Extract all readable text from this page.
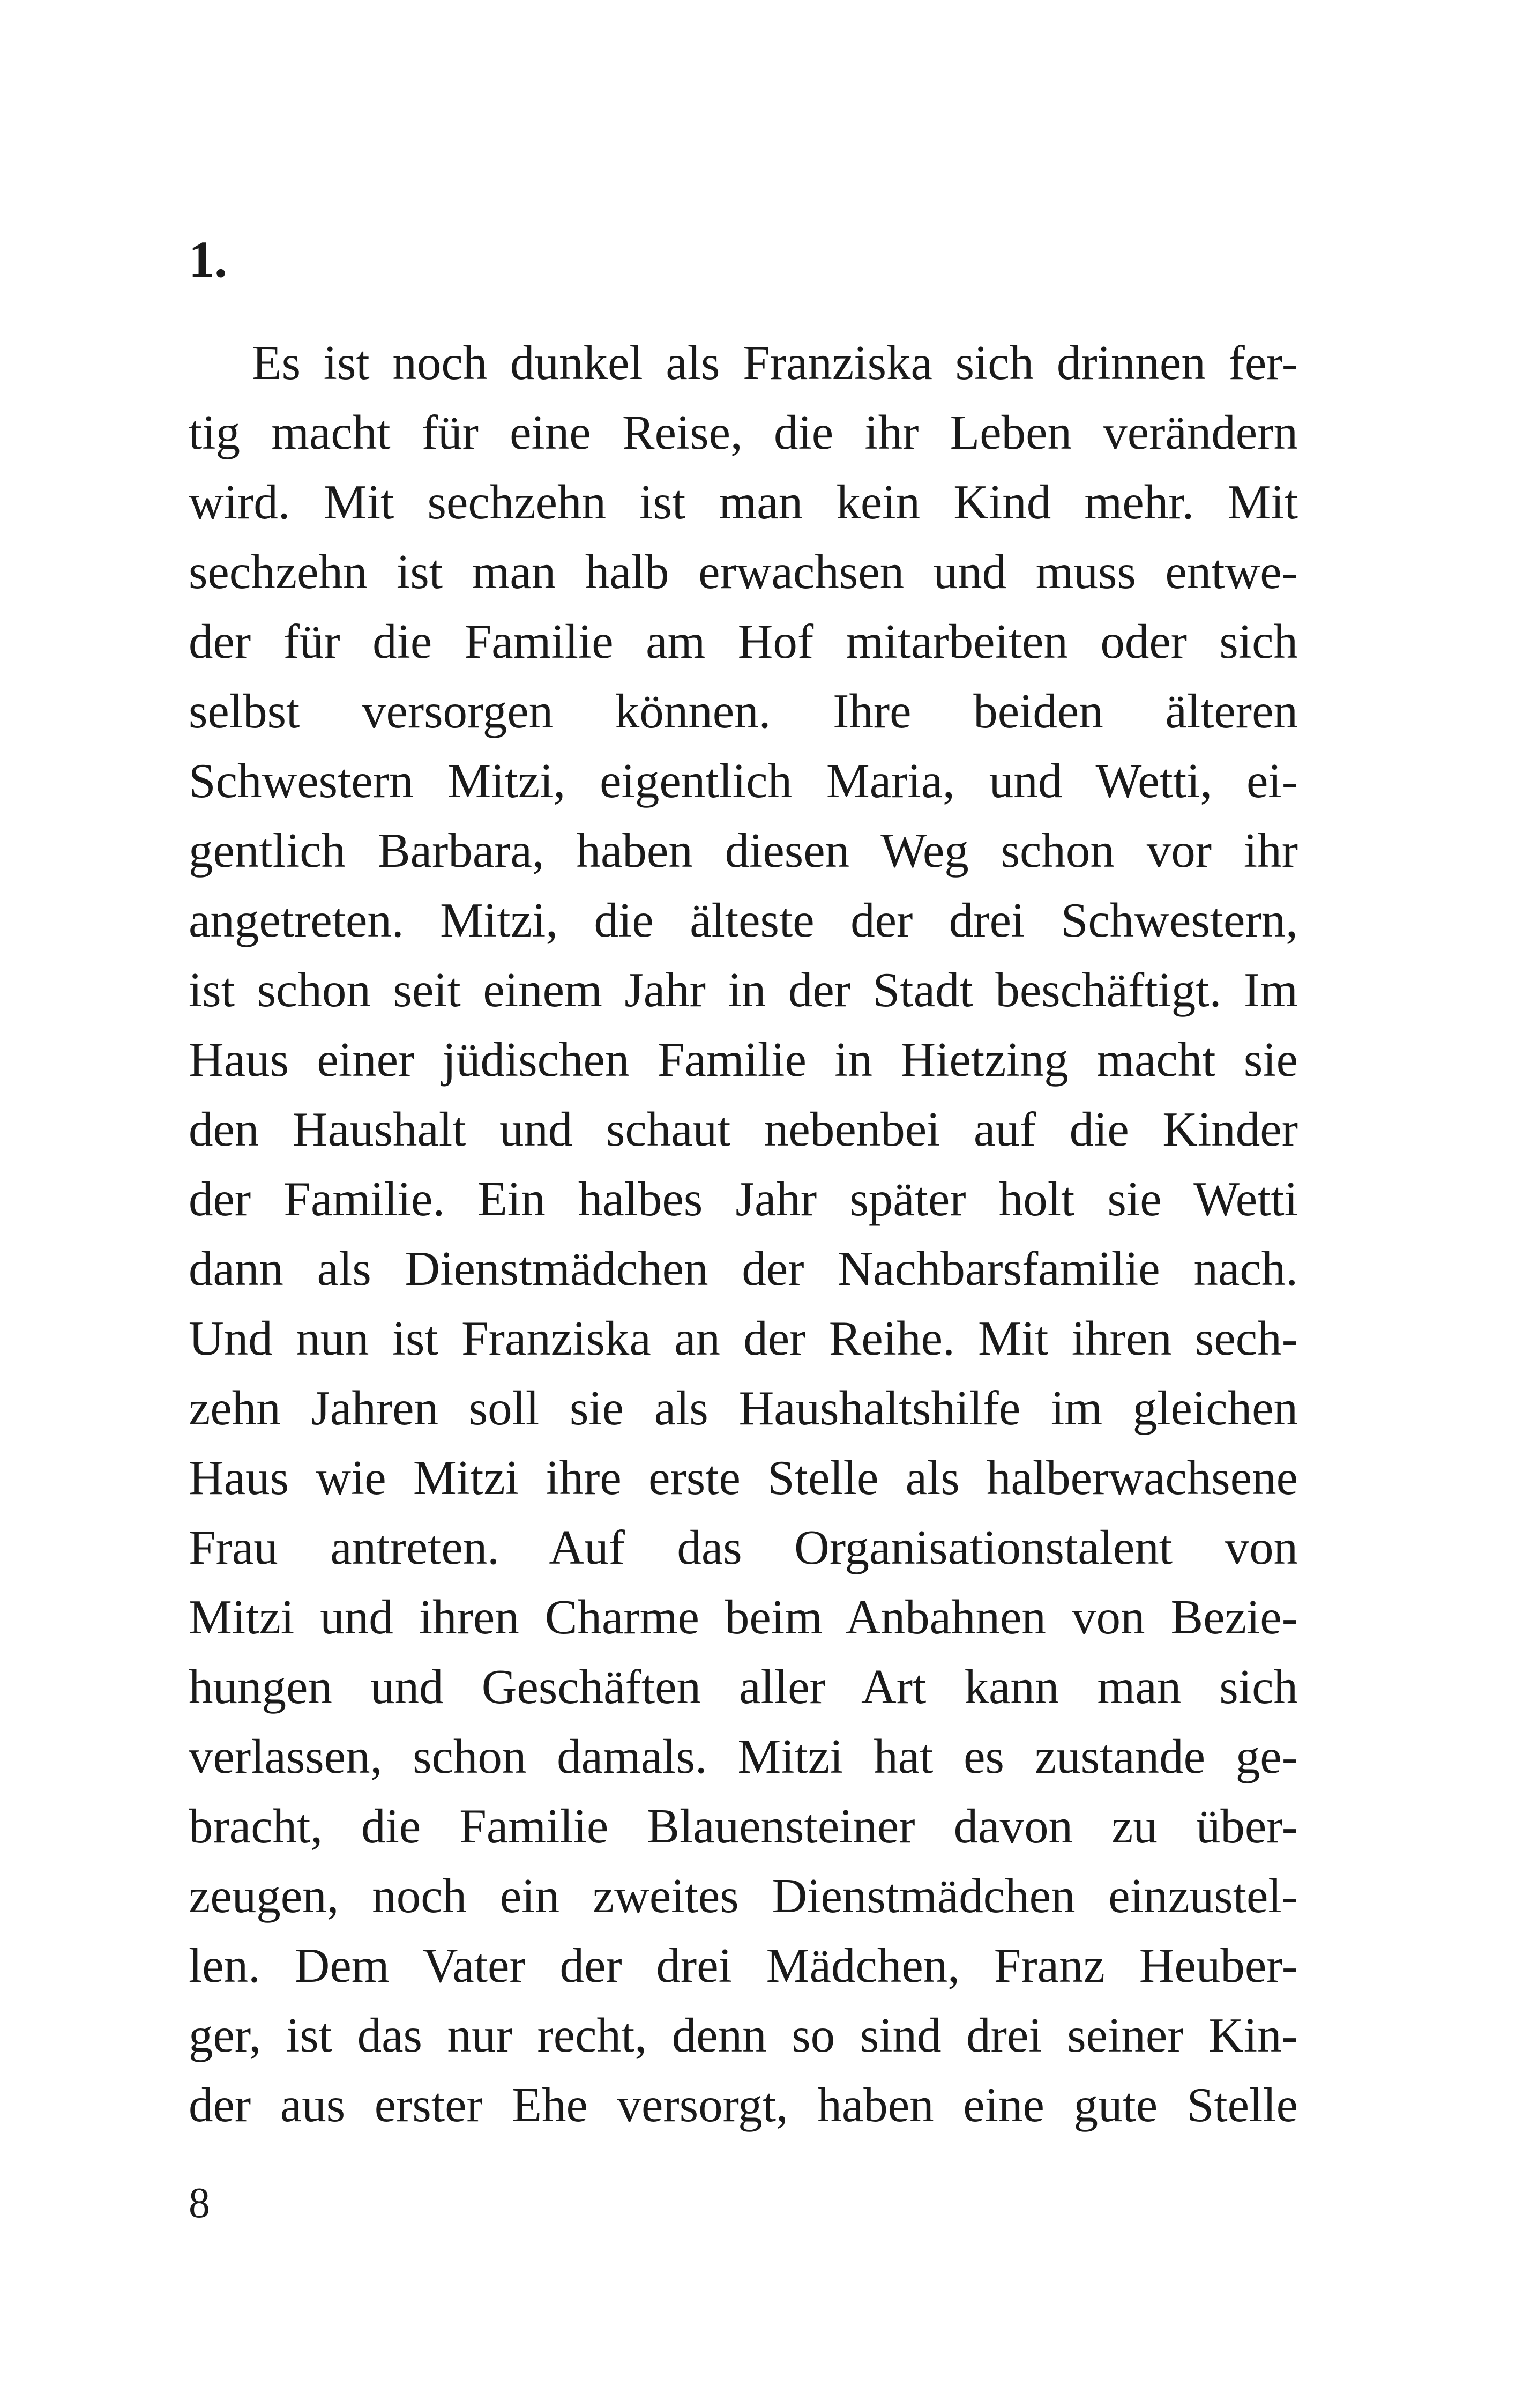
1.
Es ist noch dunkel als Franziska sich drinnen fer-
tig macht für eine Reise, die ihr Leben verändern
wird. Mit sechzehn ist man kein Kind mehr. Mit
sechzehn ist man halb erwachsen und muss entwe-
der für die Familie am Hof mitarbeiten oder sich
selbst versorgen können. Ihre beiden älteren
Schwestern Mitzi, eigentlich Maria, und Wetti, ei-
gentlich Barbara, haben diesen Weg schon vor ihr
angetreten. Mitzi, die älteste der drei Schwestern,
ist schon seit einem Jahr in der Stadt beschäftigt. Im
Haus einer jüdischen Familie in Hietzing macht sie
den Haushalt und schaut nebenbei auf die Kinder
der Familie. Ein halbes Jahr später holt sie Wetti
dann als Dienstmädchen der Nachbarsfamilie nach.
Und nun ist Franziska an der Reihe. Mit ihren sech-
zehn Jahren soll sie als Haushaltshilfe im gleichen
Haus wie Mitzi ihre erste Stelle als halberwachsene
Frau antreten. Auf das Organisationstalent von
Mitzi und ihren Charme beim Anbahnen von Bezie-
hungen und Geschäften aller Art kann man sich
verlassen, schon damals. Mitzi hat es zustande ge-
bracht, die Familie Blauensteiner davon zu über-
zeugen, noch ein zweites Dienstmädchen einzustel-
len. Dem Vater der drei Mädchen, Franz Heuber-
ger, ist das nur recht, denn so sind drei seiner Kin-
der aus erster Ehe versorgt, haben eine gute Stelle
8
